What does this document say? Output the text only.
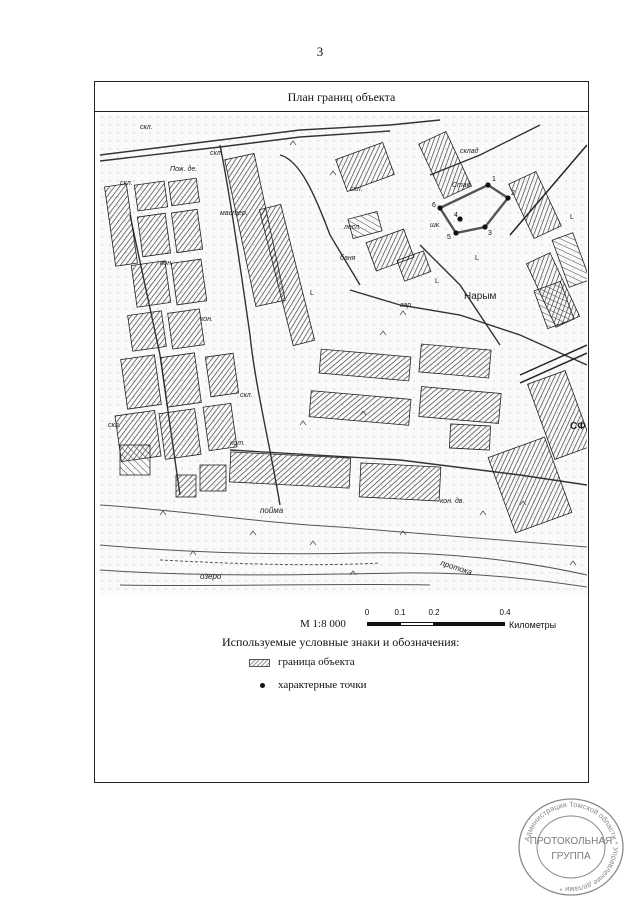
3
План границ объекта
1
2
3
4
5
6
скл.
скл.
скл.
скл.
скл.
скл.
Пож. де.
кон.
кон.
пойма
озеро	протока
кон. дв.
лесп.
баня
Стад.
шк.
гар.
кот.
мастер.
склад
СФ
L
L
L
L	Нарым
М 1:8 000
0	0.1	0.2	0.4
Километры
Используемые условные знаки и обозначения:
граница объекта
характерные точки
Администрация Томской области * Управление делами *
ПРОТОКОЛЬНАЯ
ГРУППА
